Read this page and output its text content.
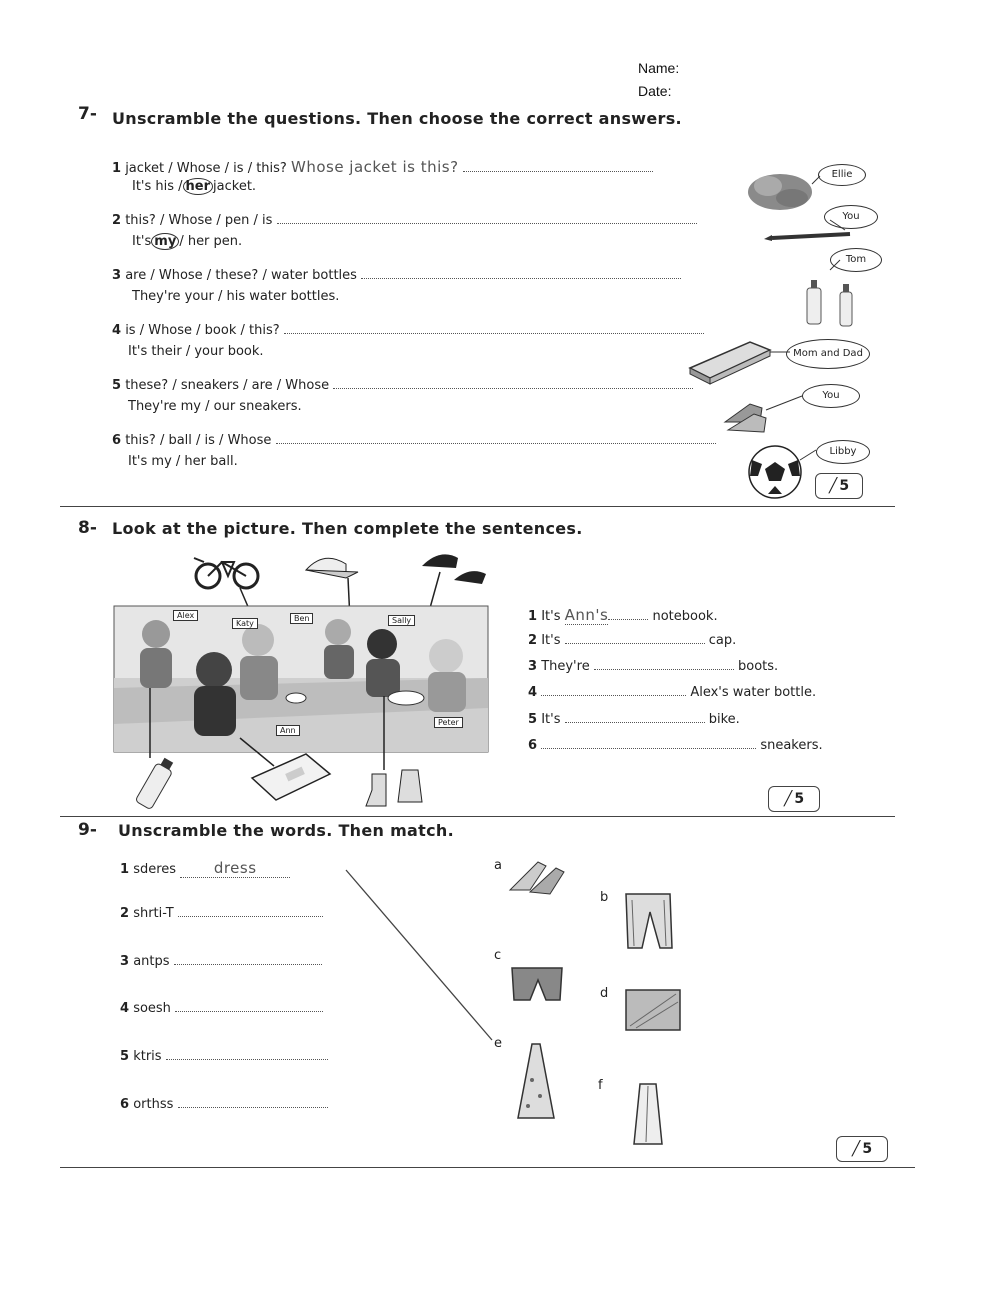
Name:
Date:
7- Unscramble the questions. Then choose the correct answers.
1 jacket / Whose / is / this? Whose jacket is this?
It's his / her jacket.
2 this? / Whose / pen / is
It's my / her pen.
3 are / Whose / these? / water bottles
They're your / his water bottles.
4 is / Whose / book / this?
It's their / your book.
5 these? / sneakers / are / Whose
They're my / our sneakers.
6 this? / ball / is / Whose
It's my / her ball.
Ellie
You
Tom
Mom and Dad
You
Libby
╱ 5
8- Look at the picture. Then complete the sentences.
Alex
Katy
Ben	Sally
Ann
Peter
1 It's Ann's	notebook.
2 It's	cap.
3 They're	boots.
4	Alex's water bottle.
5 It's	bike.
6	sneakers.
╱ 5
9- Unscramble the words. Then match.
1 sderes	dress
2 shrti-T
3 antps
4 soesh
5 ktris
6 orthss
a
b
c
d
e
f
╱ 5
